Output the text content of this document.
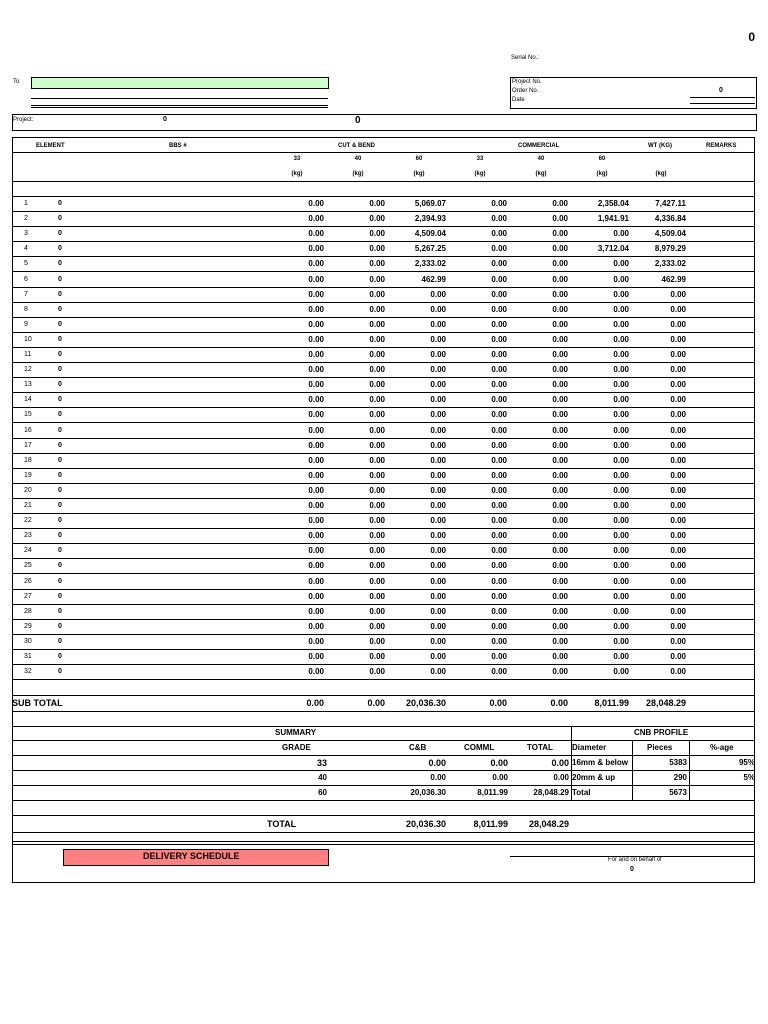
0
Serial No.:
To	Project No.
Order No.	0
Date
Project:	0	0
ELEMENT	BBS #	CUT & BEND	COMMERCIAL	WT (KG)	REMARKS
33	40	60	33	40	60
(kg)	(kg)	(kg)	(kg)	(kg)	(kg)	(kg)
1	0	0.00	0.00	5,069.07	0.00	0.00	2,358.04	7,427.11
2	0	0.00	0.00	2,394.93	0.00	0.00	1,941.91	4,336.84
3	0	0.00	0.00	4,509.04	0.00	0.00	0.00	4,509.04
4	0	0.00	0.00	5,267.25	0.00	0.00	3,712.04	8,979.29
5	0	0.00	0.00	2,333.02	0.00	0.00	0.00	2,333.02
6	0	0.00	0.00	462.99	0.00	0.00	0.00	462.99
7	0	0.00	0.00	0.00	0.00	0.00	0.00	0.00
8	0	0.00	0.00	0.00	0.00	0.00	0.00	0.00
9	0	0.00	0.00	0.00	0.00	0.00	0.00	0.00
10	0	0.00	0.00	0.00	0.00	0.00	0.00	0.00
11	0	0.00	0.00	0.00	0.00	0.00	0.00	0.00
12	0	0.00	0.00	0.00	0.00	0.00	0.00	0.00
13	0	0.00	0.00	0.00	0.00	0.00	0.00	0.00
14	0	0.00	0.00	0.00	0.00	0.00	0.00	0.00
15	0	0.00	0.00	0.00	0.00	0.00	0.00	0.00
16	0	0.00	0.00	0.00	0.00	0.00	0.00	0.00
17	0	0.00	0.00	0.00	0.00	0.00	0.00	0.00
18	0	0.00	0.00	0.00	0.00	0.00	0.00	0.00
19	0	0.00	0.00	0.00	0.00	0.00	0.00	0.00
20	0	0.00	0.00	0.00	0.00	0.00	0.00	0.00
21	0	0.00	0.00	0.00	0.00	0.00	0.00	0.00
22	0	0.00	0.00	0.00	0.00	0.00	0.00	0.00
23	0	0.00	0.00	0.00	0.00	0.00	0.00	0.00
24	0	0.00	0.00	0.00	0.00	0.00	0.00	0.00
25	0	0.00	0.00	0.00	0.00	0.00	0.00	0.00
26	0	0.00	0.00	0.00	0.00	0.00	0.00	0.00
27	0	0.00	0.00	0.00	0.00	0.00	0.00	0.00
28	0	0.00	0.00	0.00	0.00	0.00	0.00	0.00
29	0	0.00	0.00	0.00	0.00	0.00	0.00	0.00
30	0	0.00	0.00	0.00	0.00	0.00	0.00	0.00
31	0	0.00	0.00	0.00	0.00	0.00	0.00	0.00
32	0	0.00	0.00	0.00	0.00	0.00	0.00	0.00
SUB TOTAL	0.00	0.00 20,036.30	0.00	0.00	8,011.99 28,048.29
SUMMARY	CNB PROFILE
GRADE	C&B	COMML	TOTAL Diameter	Pieces	%-age
33	0.00	0.00	0.00 16mm & below	5383	95%
40	0.00	0.00	0.00 20mm & up	290	5%
60	20,036.30	8,011.99	28,048.29 Total	5673
TOTAL	20,036.30	8,011.99 28,048.29
DELIVERY SCHEDULE	For and on behalf of
0
